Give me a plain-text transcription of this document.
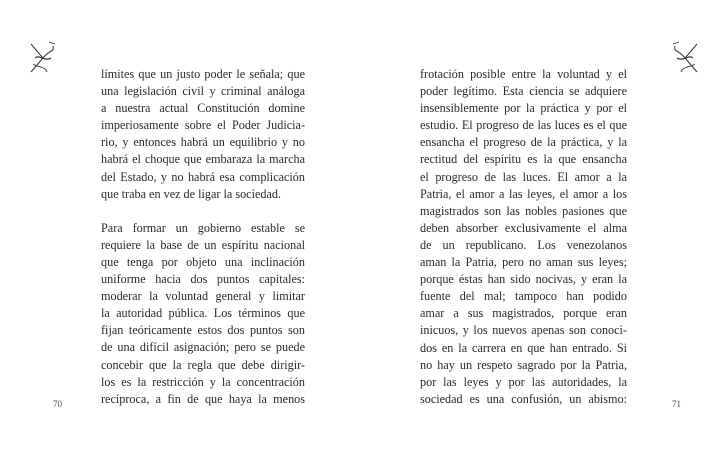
límites que un justo poder le señala; que
una legislación civil y criminal análoga
a nuestra actual Constitución domine
imperiosamente sobre el Poder Judicia-
rio, y entonces habrá un equilibrio y no
habrá el choque que embaraza la marcha
del Estado, y no habrá esa complicación
que traba en vez de ligar la sociedad.
Para formar un gobierno estable se
requiere la base de un espíritu nacional
que tenga por objeto una inclinación
uniforme hacia dos puntos capitales:
moderar la voluntad general y limitar
la autoridad pública. Los términos que
fijan teóricamente estos dos puntos son
de una difícil asignación; pero se puede
concebir que la regla que debe dirigir-
los es la restricción y la concentración
recíproca, a fin de que haya la menos
70
frotación posible entre la voluntad y el
poder legítimo. Esta ciencia se adquiere
insensiblemente por la práctica y por el
estudio. El progreso de las luces es el que
ensancha el progreso de la práctica, y la
rectitud del espíritu es la que ensancha
el progreso de las luces. El amor a la
Patria, el amor a las leyes, el amor a los
magistrados son las nobles pasiones que
deben absorber exclusivamente el alma
de un republicano. Los venezolanos
aman la Patria, pero no aman sus leyes;
porque éstas han sido nocivas, y eran la
fuente del mal; tampoco han podido
amar a sus magistrados, porque eran
inicuos, y los nuevos apenas son conoci-
dos en la carrera en que han entrado. Si
no hay un respeto sagrado por la Patria,
por las leyes y por las autoridades, la
sociedad es una confusión, un abismo:	71
